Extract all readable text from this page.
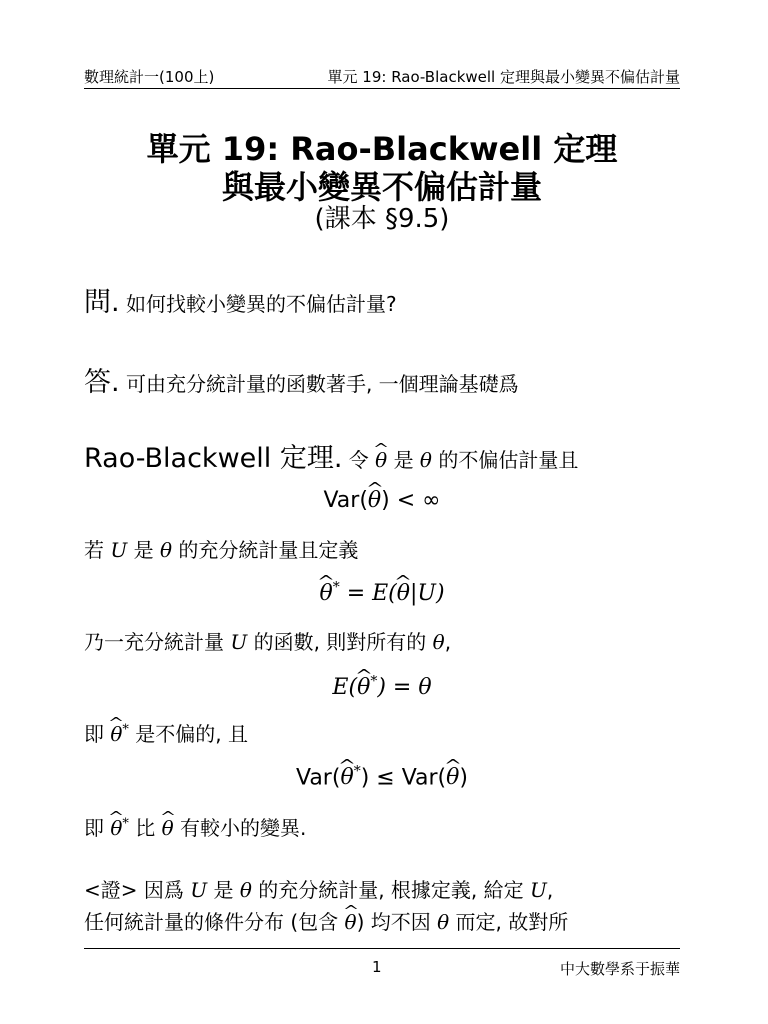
數理統計一(100上)	單元 19: Rao-Blackwell 定理與最小變異不偏估計量
單元 19: Rao-Blackwell 定理
與最小變異不偏估計量
(課本 §9.5)
問. 如何找較小變異的不偏估計量?
答. 可由充分統計量的函數著手, 一個理論基礎爲
Rao-Blackwell 定理. 令 ^ θ 是 θ 的不偏估計量且
Var(^ θ) < ∞
若 U 是 θ 的充分統計量且定義
^ θ* = E(^ θ|U)
乃一充分統計量 U 的函數, 則對所有的 θ,
E(^ θ*) = θ
即 ^ θ* 是不偏的, 且
Var(^ θ*) ≤ Var(^ θ)
即 ^ θ* 比 ^ θ 有較小的變異.
<證> 因爲 U 是 θ 的充分統計量, 根據定義, 給定 U,
任何統計量的條件分布 (包含 ^ θ) 均不因 θ 而定, 故對所
1	中大數學系于振華
